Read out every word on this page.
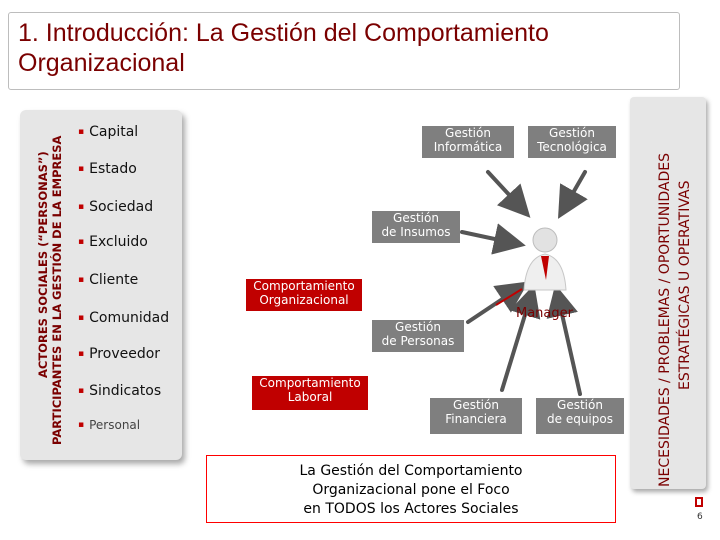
1. Introducción: La Gestión del Comportamiento
Organizacional
ACTORES SOCIALES (“PERSONAS”) PARTICIPANTES EN LA GESTIÓN DE LA EMPRESA
▪ Capital
▪ Estado
▪ Sociedad
▪ Excluido
▪ Cliente
▪ Comunidad
▪ Proveedor
▪ Sindicatos
▪ Personal	NECESIDADES / PROBLEMAS / OPORTUNIDADES ESTRATÉGICAS U OPERATIVAS
Gestión
Informática
Gestión
Tecnológica
Gestión
de Insumos
Comportamiento
Organizacional
Gestión
de Personas
Comportamiento
Laboral
Gestión
Financiera
Gestión
de equipos
Manager
La Gestión del Comportamiento
Organizacional pone el Foco
en TODOS los Actores Sociales	6
